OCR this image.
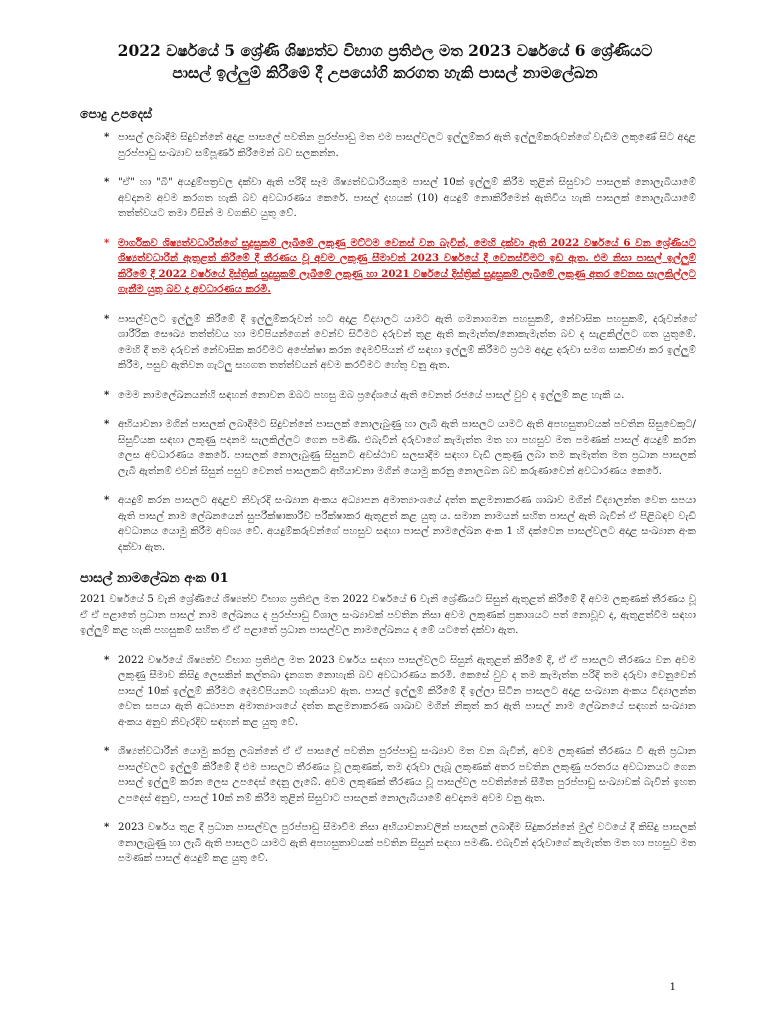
2022 වර්ෂයේ 5 ශ්‍රේණි ශිෂ්‍යත්ව විභාග ප්‍රතිඵල මත 2023 වර්ෂයේ 6 ශ්‍රේණියට
පාසල් ඉල්ලුම් කිරීමේ දී උපයෝගි කරගත හැකි පාසල් නාමලේඛන
පොදු උපදෙස්
* පාසල් ලබාදීම සිදුවන්නේ අදාළ පාසලේ පවතින පුරප්පාඩු මත එම පාසල්වලට ඉල්ලුම්කර ඇති ඉල්ලුම්කරුවන්ගේ වැඩිම ලකුණේ සිට අදාළ පුරප්පාඩු සංඛ්‍යාව සම්පූර්ණ කිරීමෙන් බව සලකන්න.
* "ඒ" හා "බී" අයදුම්පත්‍රවල දක්වා ඇති පරිදි සෑම ශිෂ්‍යත්වධාරියකුම පාසල් 10ක් ඉල්ලුම් කිරීම තුළින් සිසුවාට පාසලක් නොලැබීයාමේ අවදානම අවම කරගත හැකි බව අවධාරණය කෙරේ. පාසල් දහයක් (10) අයදුම් නොකිරීමෙන් ඇතිවිය හැකි පාසලක් නොලැබීයාමේ තත්ත්වයට තමා විසින් ම වගකිව යුතු වේ.
* මාර්ගිකව ශිෂ්‍යත්වධාරීන්ගේ සුදුසුකම් ලැබීමේ ලකුණු මට්ටම වෙනස් වන බැවින්, මෙහි දක්වා ඇති 2022 වර්ෂයේ 6 වන ශ්‍රේණියට ශිෂ්‍යත්වධාරීන් ඇතුළත් කිරීමේ දී තීරණය වූ අවම ලකුණු සීමාවන් 2023 වර්ෂයේ දී වෙනස්වීමට ඉඩ ඇත. එම නිසා පාසල් ඉල්ලුම් කිරීමේ දී 2022 වර්ෂයේ දිස්ත්‍රික් සුදුසුකම් ලැබීමේ ලකුණු හා 2021 වර්ෂයේ දිස්ත්‍රික් සුදුසුකම් ලැබීමේ ලකුණු අතර වෙනස සැලකිල්ලට ගැනීම යුතු බව ද අවධාරණය කරමි.
* පාසල්වලට ඉල්ලුම් කිරීමේ දී ඉල්ලුම්කරුවන් හට අදාළ විද්‍යාලට යාමට ඇති ගමනාගමන පහසුකම්, නේවාසික පහසුකම්, දරුවන්ගේ ශාරීරික සෞඛ්‍ය තත්ත්වය හා මව්පියන්ගෙන් වෙන්ව සිටීමට දරුවන් තුළ ඇති කැමැත්ත/නොකැමැත්ත බව ද සැළකිල්ලට ගත යුතුමේ. මෙහි දී තම දරුවන් නේවාසික කරවීමට අපේක්ෂා කරන දෙමව්පියන් ඒ සඳහා ඉල්ලුම් කිරීමට ප්‍රථම අදාළ දරුවා සමග සාකච්ඡා කර ඉල්ලුම් කිරීම, පසුව ඇතිවන ගැටලු සහගත තත්ත්වයන් අවම කරවීමට හේතු වනු ඇත.
* මෙම නාමලේඛනයන්හි සඳහන් නොවන ඔබට පහසු ඔබ ප්‍රදේශයේ ඇති වෙනත් රජයේ පාසල් වුව ද ඉල්ලුම් කළ හැකි ය.
* අභියාචනා මගින් පාසලක් ලබාදීමට සිදුවන්නේ පාසලක් නොලැබුණු හා ලැබී ඇති පාසලට යාමට ඇති අපහසුතාවයක් පවතින සිසුවෙකුට/සිසුවියක සඳහා ලකුණු පදනම සැලකිල්ලට ගෙන පමණි. එබැවින් දරුවාගේ කැමැත්ත මත හා පහසුව මත පමණක් පාසල් අයදුම් කරන ලෙස අවධාරණය කෙරේ. පාසලක් නොලැබුණු සිසුනට අවස්ථාව සලසාදීම සඳහා වැඩි ලකුණු ලබා තම කැමැත්ත මත ප්‍රධාන පාසලක් ලැබී ඇත්නම් එවන් සිසුන් පසුව වෙනත් පාසලකට අභියාචනා මගින් යොමු කරනු නොලබන බව කරුණාවෙන් අවධාරණය කෙරේ.
* අයදුම් කරන පාසලට අදාළව නිවැරදි සංඛ්‍යාන අංකය අධ්‍යාපන අමාත්‍යාංශයේ දත්ත කළමනාකරණ ශාඛාව මගින් විද්‍යාලන්ත වෙත සපයා ඇති පාසල් නාම ලේඛනයෙන් සුපරීක්ෂාකාරීව පරීක්ෂාකර ඇතුළත් කළ යුතු ය. සමාන නාමයන් සහිත පාසල් ඇති බැවින් ඒ පිළිබඳව වැඩි අවධානය යොමු කිරීම අවශ්‍ය වේ. අයදුම්කරුවන්ගේ පහසුව සඳහා පාසල් නාමලේඛන අංක 1 හි දක්වෙන පාසල්වලට අදාළ සංඛ්‍යාන අංක දක්වා ඇත.
පාසල් නාමලේඛන අංක 01
2021 වර්ෂයේ 5 වැනි ශ්‍රේණියේ ශිෂ්‍යත්ව විභාග ප්‍රතිඵල මත 2022 වර්ෂයේ 6 වැනි ශ්‍රේණියට සිසුන් ඇතුළත් කිරීමේ දී අවම ලකුණක් තීරණය වූ ඒ ඒ පළාතේ ප්‍රධාන පාසල් නාම ලේඛනය ද පුරප්පාඩු විශාල සංඛ්‍යාවක් පවතින නිසා අවම ලකුණක් ප්‍රකාශයට පත් නොවූව ද, ඇතුළත්වීම සඳහා ඉල්ලුම් කළ හැකි පහසුකම් සහිත ඒ ඒ පළාතේ ප්‍රධාන පාසල්වල නාමලේඛනය ද මේ යටතේ දක්වා ඇත.
* 2022 වර්ෂයේ ශිෂ්‍යත්ව විභාග ප්‍රතිඵල මත 2023 වර්ෂය සඳහා පාසල්වලට සිසුන් ඇතුළත් කිරීමේ දී, ඒ ඒ පාසලට තීරණය වන අවම ලකුණු සීමාව කිසිදු ලෙසකින් කල්තබා දැනගත නොහැකි බව අවධාරණය කරමි. කෙසේ වුව ද තම කැමැත්ත පරිදි තම දරුවා වෙනුවෙන් පාසල් 10ක් ඉල්ලුම් කිරීමට දෙමව්පියනට හැකියාව ඇත. පාසල් ඉල්ලුම් කිරීමේ දී ඉල්ලා සිටින පාසලට අදාළ සංඛ්‍යාන අංකය විද්‍යාලන්ත වෙත සපයා ඇති අධ්‍යාපන අමාත්‍යාංශයේ දත්ත කළමනාකරණ ශාඛාව මගින් නිකුත් කර ඇති පාසල් නාම ලේඛනයේ සඳහන් සංඛ්‍යාන අංකය අනුව නිවැරදිව සඳහන් කළ යුතු වේ.
* ශිෂ්‍යත්වධාරීන් යොමු කරනු ලබන්නේ ඒ ඒ පාසලේ පවතින පුරප්පාඩු සංඛ්‍යාව මත වන බැවින්, අවම ලකුණක් තීරණය වී ඇති ප්‍රධාන පාසල්වලට ඉල්ලුම් කිරීමේ දී එම පාසලට තීරණය වූ ලකුණක්, තම දරුවා ලැබූ ලකුණක් අතර පවතින ලකුණු පරතරය අවධානයට ගෙන පාසල් ඉල්ලුම් කරන ලෙස උපදෙස් දෙනු ලැබේ. අවම ලකුණක් තීරණය වූ පාසල්වල පවතින්නේ සීමිත පුරප්පාඩු සංඛ්‍යාවක් බැවින් ඉහත උපදෙස් අනුව, පාසල් 10ක් නම් කිරීම තුළින් සිසුවාට පාසලක් නොලැබීයාමේ අවදානම අවම වනු ඇත.
* 2023 වර්ෂය තුළ දී ප්‍රධාන පාසල්වල පුරප්පාඩු සීමාවීම නිසා අභියාචනාවලින් පාසලක් ලබාදීම සිදුකරන්නේ මුල් වටයේ දී කිසිදු පාසලක් නොලැබුණු හා ලැබී ඇති පාසලට යාමට ඇති අපහසුතාවයක් පවතින සිසුන් සඳහා පමණි. එබැවින් දරුවාගේ කැමැත්ත මත හා පහසුව මත පමණක් පාසල් අයදුම් කළ යුතු වේ.
1
